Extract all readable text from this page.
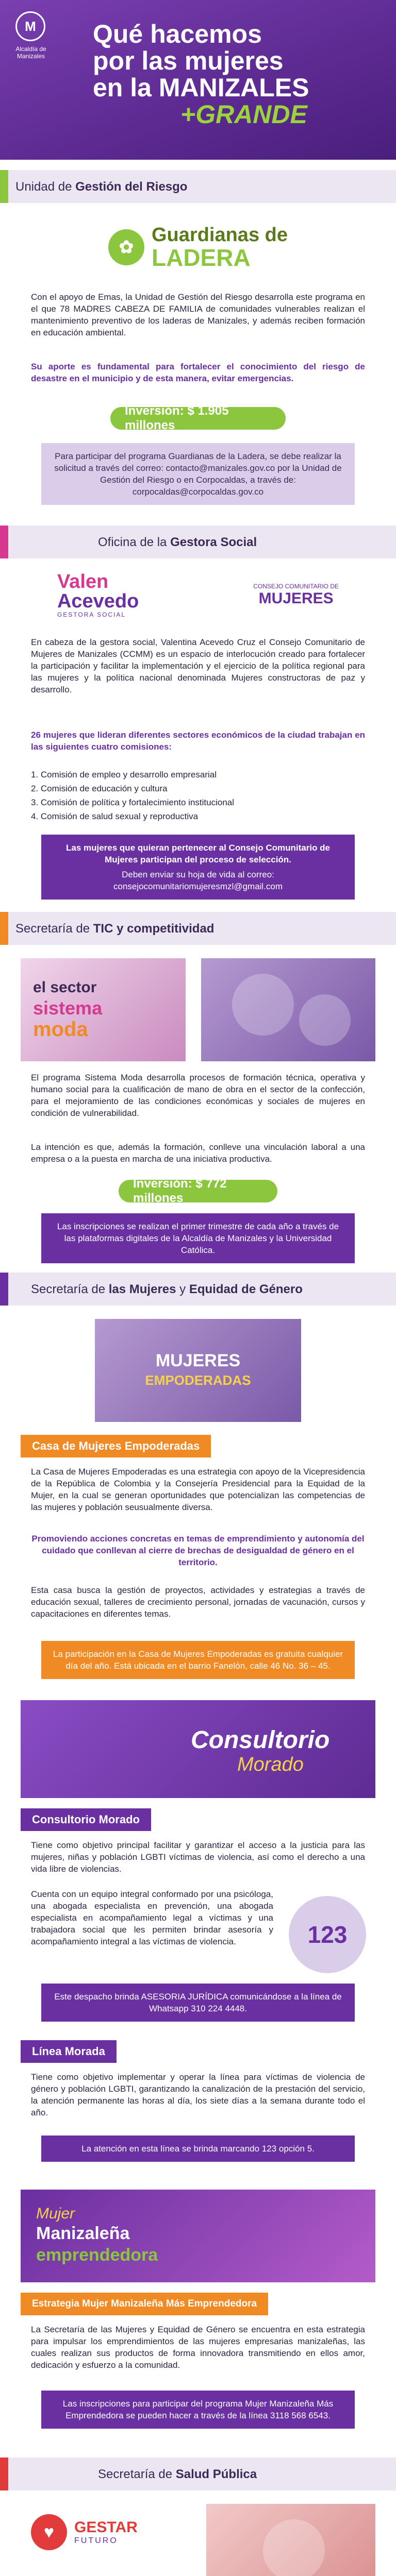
M
Alcaldía de Manizales
Qué hacemos
por las mujeres
en la MANIZALES
+GRANDE
Unidad de Gestión del Riesgo
✿
Guardianas de
LADERA
Con el apoyo de Emas, la Unidad de Gestión del Riesgo desarrolla este programa en el que 78 MADRES CABEZA DE FAMILIA de comunidades vulnerables realizan el mantenimiento preventivo de los laderas de Manizales, y además reciben formación en educación ambiental.
Su aporte es fundamental para fortalecer el conocimiento del riesgo de desastre en el municipio y de esta manera, evitar emergencias.
Inversión: $ 1.905 millones
Para participar del programa Guardianas de la Ladera, se debe realizar la solicitud a través del correo: contacto@manizales.gov.co por la Unidad de Gestión del Riesgo o en Corpocaldas, a través de: corpocaldas@corpocaldas.gov.co
Oficina de la Gestora Social
Valen
Acevedo
GESTORA SOCIAL
CONSEJO COMUNITARIO DE
MUJERES
En cabeza de la gestora social, Valentina Acevedo Cruz el Consejo Comunitario de Mujeres de Manizales (CCMM) es un espacio de interlocución creado para fortalecer la participación y facilitar la implementación y el ejercicio de la política regional para las mujeres y la política nacional denominada Mujeres constructoras de paz y desarrollo.
26 mujeres que lideran diferentes sectores económicos de la ciudad trabajan en las siguientes cuatro comisiones:
1. Comisión de empleo y desarrollo empresarial
2. Comisión de educación y cultura
3. Comisión de política y fortalecimiento institucional
4. Comisión de salud sexual y reproductiva
Las mujeres que quieran pertenecer al Consejo Comunitario de Mujeres participan del proceso de selección.
Deben enviar su hoja de vida al correo: consejocomunitariomujeresmzl@gmail.com
Secretaría de TIC y competitividad
el sector
sistema
moda
El programa Sistema Moda desarrolla procesos de formación técnica, operativa y humano social para la cualificación de mano de obra en el sector de la confección, para el mejoramiento de las condiciones económicas y sociales de mujeres en condición de vulnerabilidad.
La intención es que, además la formación, conlleve una vinculación laboral a una empresa o a la puesta en marcha de una iniciativa productiva.
Inversión: $ 772 millones
Las inscripciones se realizan el primer trimestre de cada año a través de las plataformas digitales de la Alcaldía de Manizales y la Universidad Católica.
Secretaría de las Mujeres y Equidad de Género
MUJERES
EMPODERADAS
Casa de Mujeres Empoderadas
La Casa de Mujeres Empoderadas es una estrategia con apoyo de la Vicepresidencia de la República de Colombia y la Consejería Presidencial para la Equidad de la Mujer, en la cual se generan oportunidades que potencializan las competencias de las mujeres y población seusualmente diversa.
Promoviendo acciones concretas en temas de emprendimiento y autonomía del cuidado que conllevan al cierre de brechas de desigualdad de género en el territorio.
Esta casa busca la gestión de proyectos, actividades y estrategias a través de educación sexual, talleres de crecimiento personal, jornadas de vacunación, cursos y capacitaciones en diferentes temas.
La participación en la Casa de Mujeres Empoderadas es gratuita cualquier día del año. Está ubicada en el barrio Fanelón, calle 46 No. 36 – 45.
Consultorio
Morado
Consultorio Morado
Tiene como objetivo principal facilitar y garantizar el acceso a la justicia para las mujeres, niñas y población LGBTI víctimas de violencia, así como el derecho a una vida libre de violencias.
Cuenta con un equipo integral conformado por una psicóloga, una abogada especialista en prevención, una abogada especialista en acompañamiento legal a víctimas y una trabajadora social que les permiten brindar asesoría y acompañamiento integral a las víctimas de violencia.	123
Este despacho brinda ASESORIA JURÍDICA comunicándose a la línea de Whatsapp 310 224 4448.
Línea Morada
Tiene como objetivo implementar y operar la línea para víctimas de violencia de género y población LGBTI, garantizando la canalización de la prestación del servicio, la atención permanente las horas al día, los siete días a la semana durante todo el año.
La atención en esta línea se brinda marcando 123 opción 5.
Mujer
Manizaleña
emprendedora
Estrategia Mujer Manizaleña Más Emprendedora
La Secretaría de las Mujeres y Equidad de Género se encuentra en esta estrategia para impulsar los emprendimientos de las mujeres empresarias manizaleñas, las cuales realizan sus productos de forma innovadora transmitiendo en ellos amor, dedicación y esfuerzo a la comunidad.
Las inscripciones para participar del programa Mujer Manizaleña Más Emprendedora se pueden hacer a través de la línea 3118 568 6543.
Secretaría de Salud Pública
♥	GESTAR
FUTURO
